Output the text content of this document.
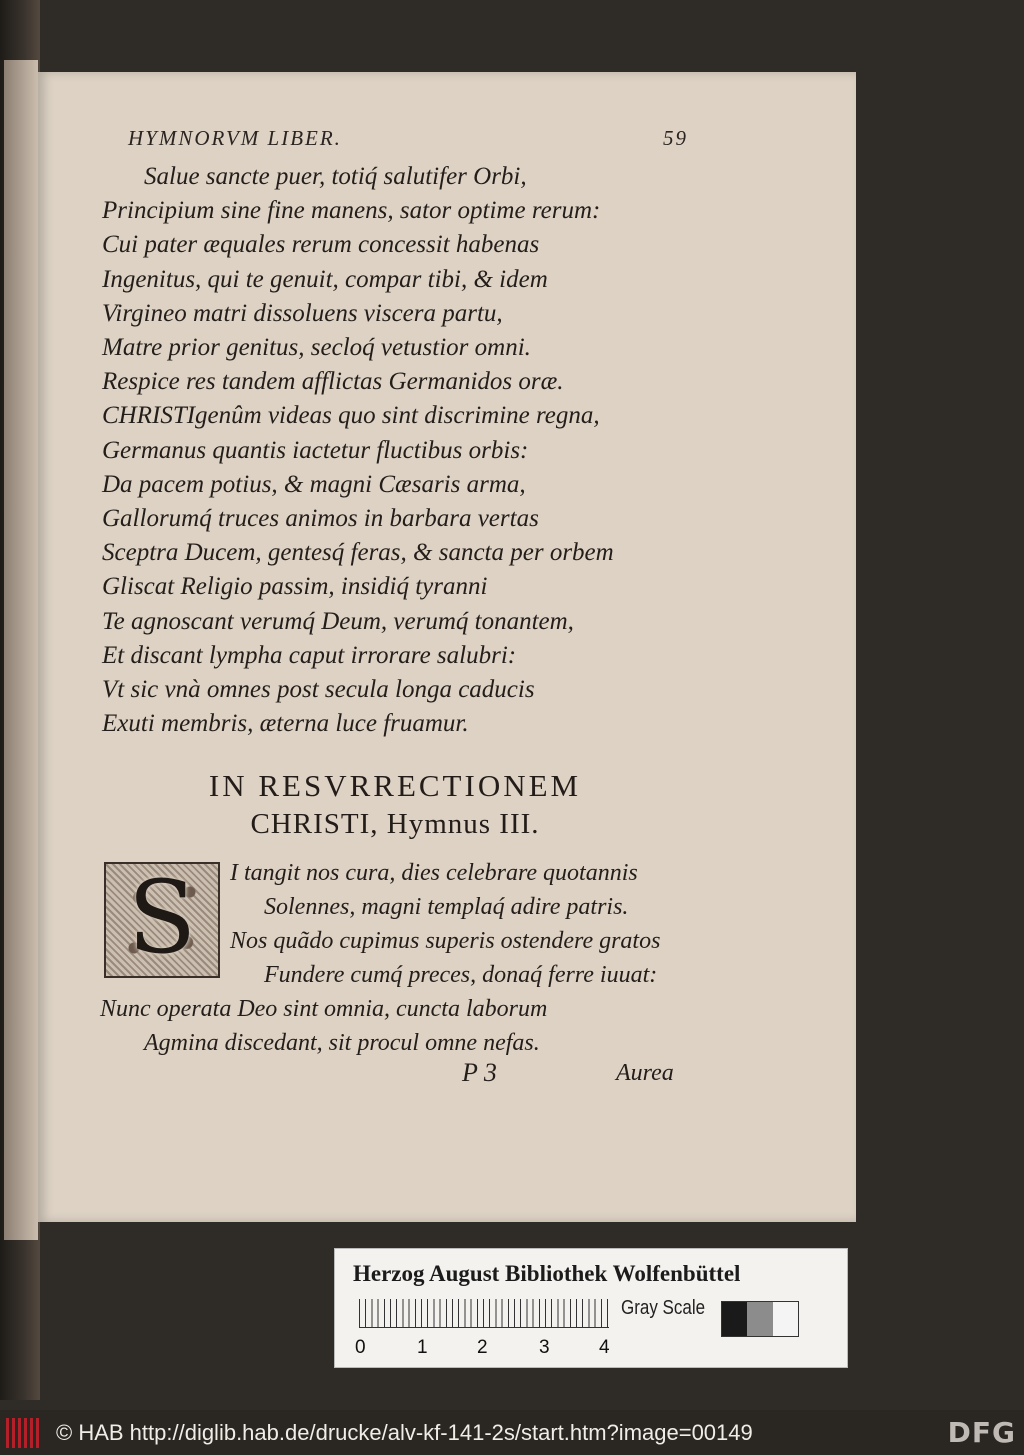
HYMNORVM LIBER.	59
Salue sancte puer, totiq́ salutifer Orbi,
Principium sine fine manens, sator optime rerum:
Cui pater æquales rerum concessit habenas
Ingenitus, qui te genuit, compar tibi, & idem
Virgineo matri dissoluens viscera partu,
Matre prior genitus, secloq́ vetustior omni.
Respice res tandem afflictas Germanidos oræ.
CHRISTIgenûm videas quo sint discrimine regna,
Germanus quantis iactetur fluctibus orbis:
Da pacem potius, & magni Cæsaris arma,
Gallorumq́ truces animos in barbara vertas
Sceptra Ducem, gentesq́ feras, & sancta per orbem
Gliscat Religio passim, insidiq́ tyranni
Te agnoscant verumq́ Deum, verumq́ tonantem,
Et discant lympha caput irrorare salubri:
Vt sic vnà omnes post secula longa caducis
Exuti membris, æterna luce fruamur.
IN RESVRRECTIONEM
CHRISTI, Hymnus III.
S	I tangit nos cura, dies celebrare quotannis
Solennes, magni templaq́ adire patris.
Nos quãdo cupimus superis ostendere gratos
Fundere cumq́ preces, donaq́ ferre iuuat:
Nunc operata Deo sint omnia, cuncta laborum
Agmina discedant, sit procul omne nefas.
P 3	Aurea
Herzog August Bibliothek Wolfenbüttel
0	1	2	3	4
Gray Scale
© HAB http://diglib.hab.de/drucke/alv-kf-141-2s/start.htm?image=00149	DFG
